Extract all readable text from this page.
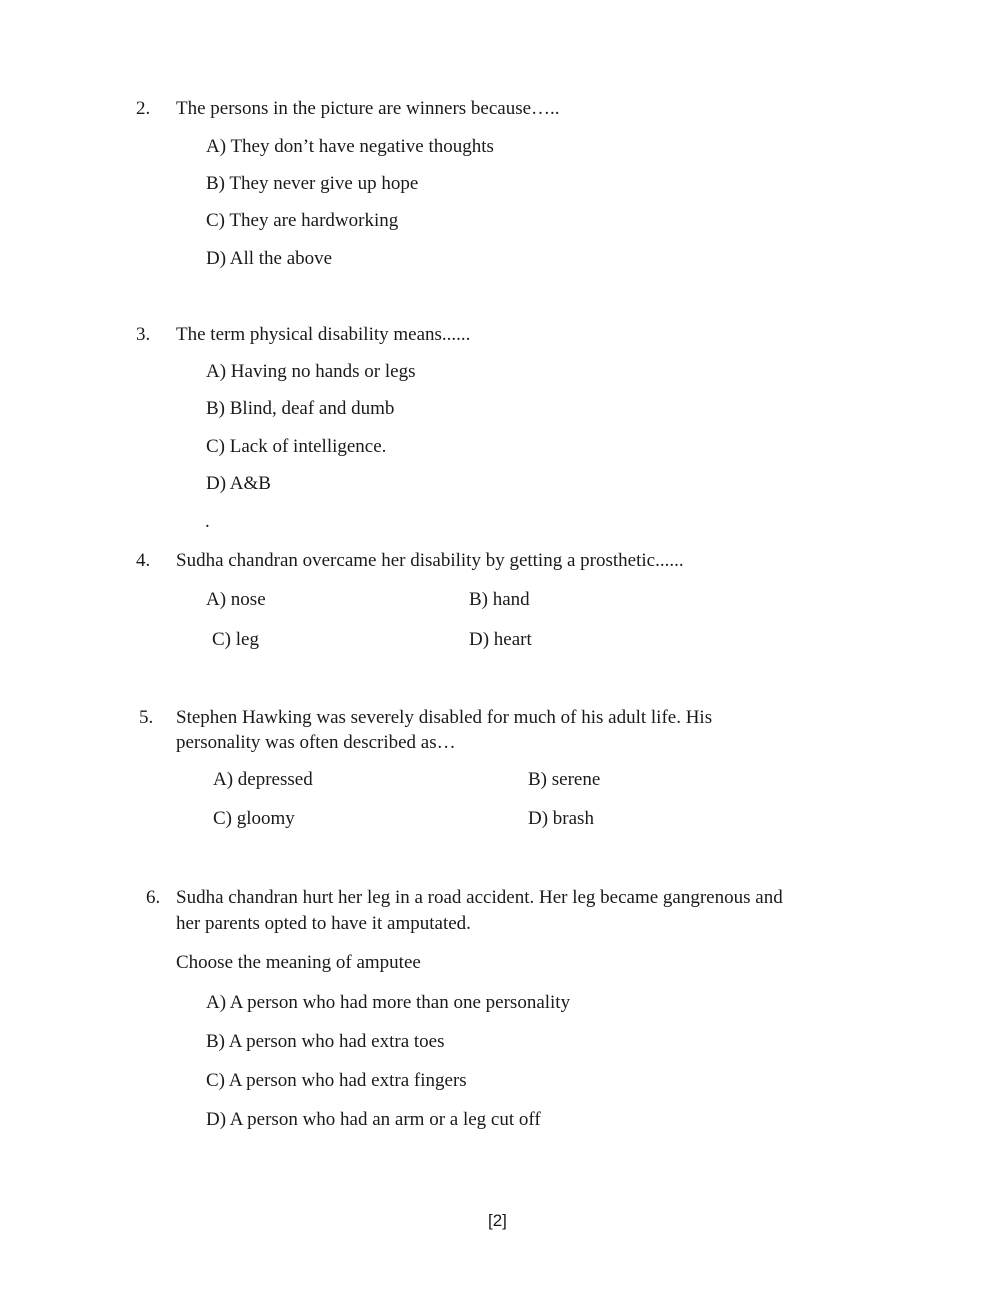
2. The persons in the picture are winners because…..
A) They don’t have negative thoughts
B) They never give up hope
C) They are hardworking
D) All the above
3. The term physical disability means......
A) Having no hands or legs
B) Blind, deaf and dumb
C) Lack of intelligence.
D) A&B
.
4. Sudha chandran overcame her disability by getting a prosthetic......
A) nose	B) hand
C) leg	D) heart
5. Stephen Hawking was severely disabled for much of his adult life. His
personality was often described as…
A) depressed	B) serene
C) gloomy	D) brash
6. Sudha chandran hurt her leg in a road accident. Her leg became gangrenous and
her parents opted to have it amputated.
Choose the meaning of amputee
A) A person who had more than one personality
B) A person who had extra toes
C) A person who had extra fingers
D) A person who had an arm or a leg cut off
[2]
